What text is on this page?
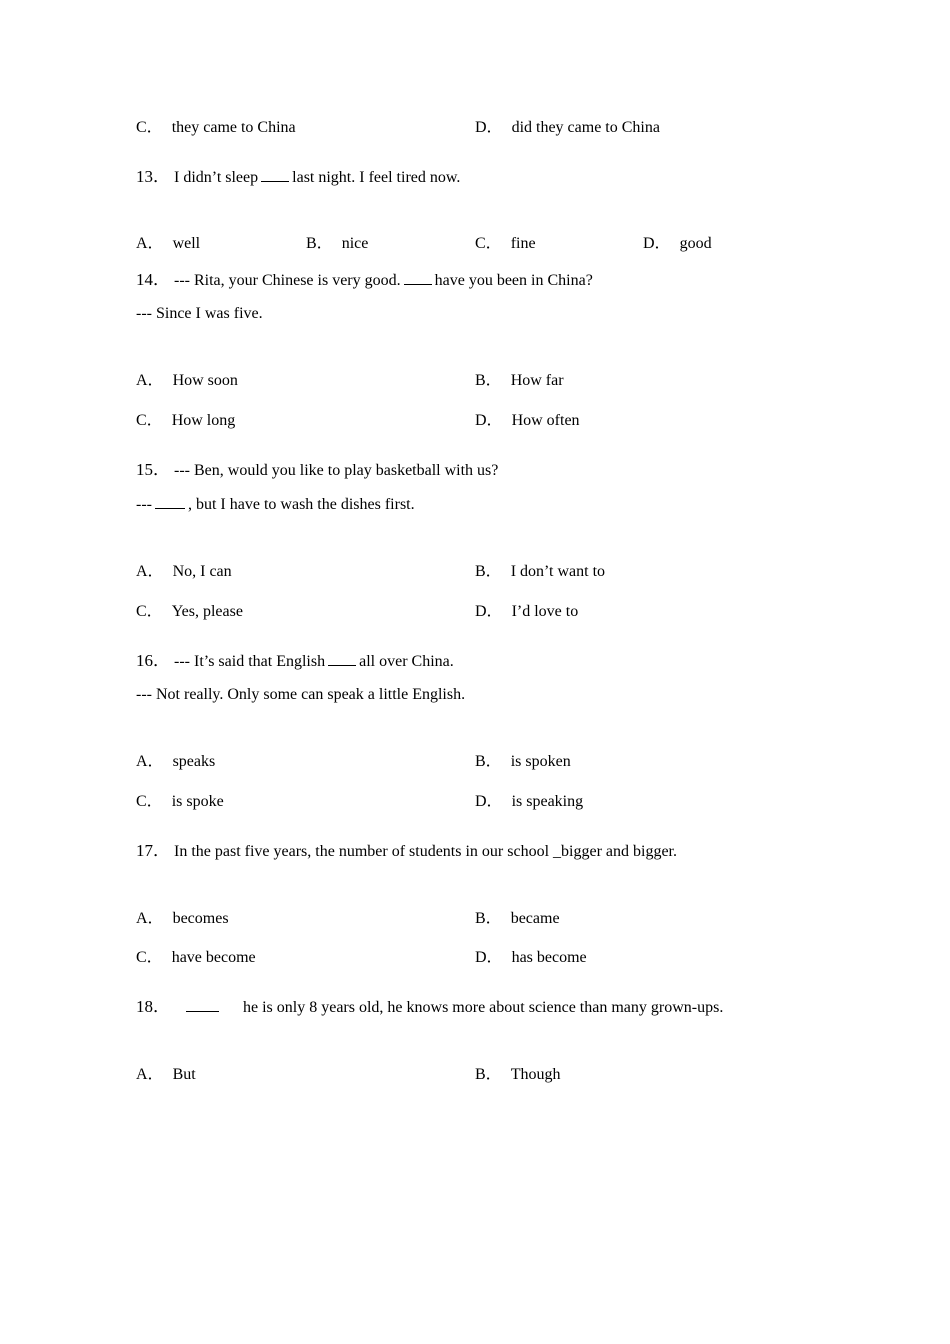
C． they came to China	D． did they came to China
13． I didn’t sleep last night. I feel tired now.
A． well	B． nice	C． fine	D． good
14． --- Rita, your Chinese is very good. have you been in China?
--- Since I was five.
A． How soon	B． How far
C． How long	D． How often
15． --- Ben, would you like to play basketball with us?
--- , but I have to wash the dishes first.
A． No, I can	B． I don’t want to
C． Yes, please	D． I’d love to
16． --- It’s said that English all over China.
--- Not really. Only some can speak a little English.
A． speaks	B． is spoken
C． is spoke	D． is speaking
17． In the past five years, the number of students in our school _bigger and bigger.
A． becomes	B． became
C． have become	D． has become
18．	he is only 8 years old, he knows more about science than many grown-ups.
A． But	B． Though
